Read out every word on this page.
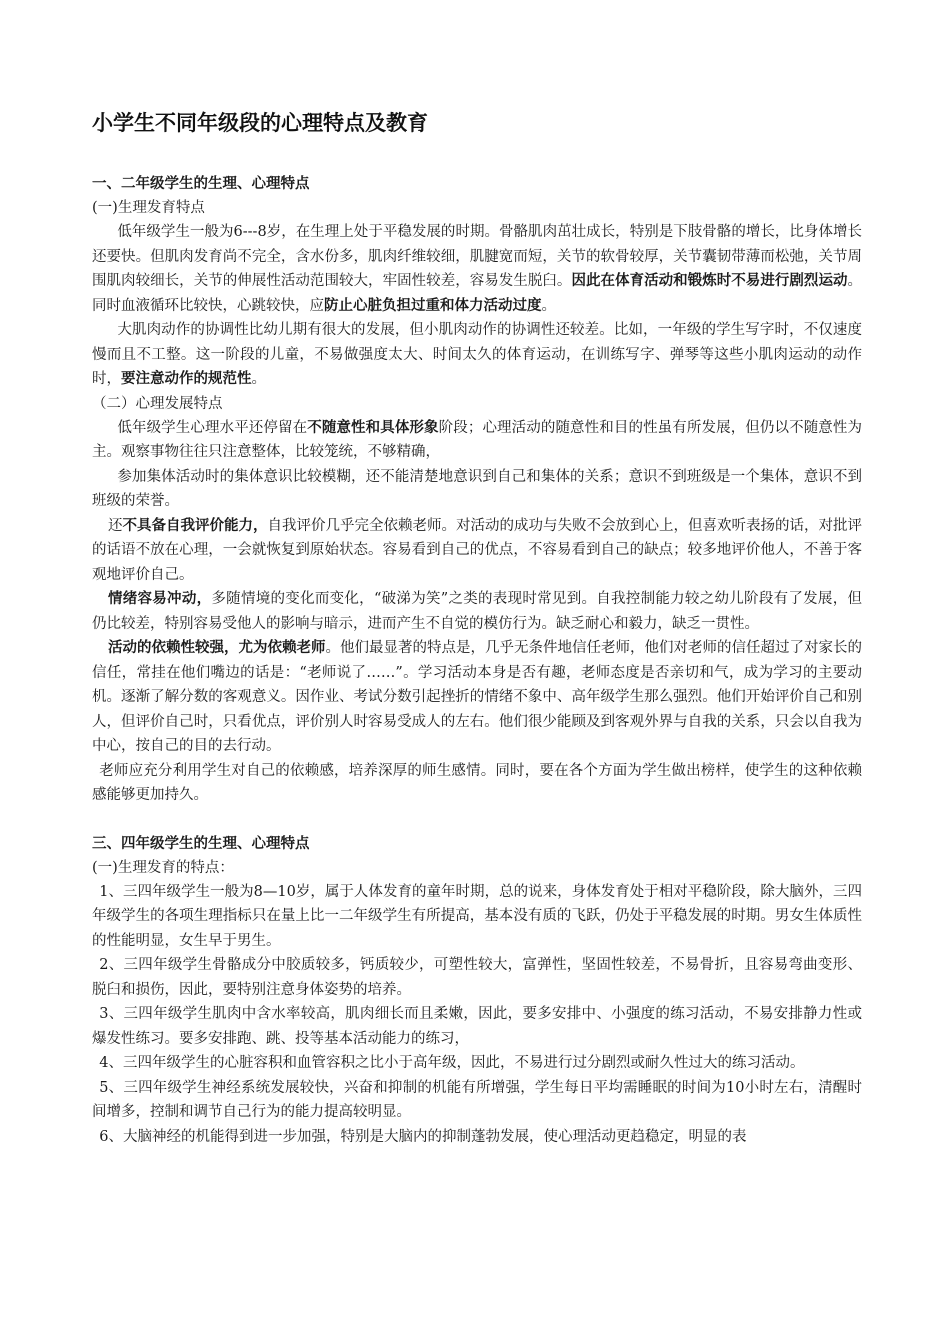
小学生不同年级段的心理特点及教育
一、二年级学生的生理、心理特点
(一)生理发育特点

低年级学生一般为6---8岁，在生理上处于平稳发展的时期。骨骼肌肉茁壮成长，特别是下肢骨骼的增长，比身体增长还要快。但肌肉发育尚不完全，含水份多，肌肉纤维较细，肌腱宽而短，关节的软骨较厚，关节囊韧带薄而松弛，关节周围肌肉较细长，关节的伸展性活动范围较大，牢固性较差，容易发生脱臼。因此在体育活动和锻炼时不易进行剧烈运动。同时血液循环比较快，心跳较快，应防止心脏负担过重和体力活动过度。

大肌肉动作的协调性比幼儿期有很大的发展，但小肌肉动作的协调性还较差。比如，一年级的学生写字时，不仅速度慢而且不工整。这一阶段的儿童，不易做强度太大、时间太久的体育运动，在训练写字、弹琴等这些小肌肉运动的动作时，要注意动作的规范性。

（二）心理发展特点

低年级学生心理水平还停留在不随意性和具体形象阶段；心理活动的随意性和目的性虽有所发展，但仍以不随意性为主。观察事物往往只注意整体，比较笼统，不够精确，

参加集体活动时的集体意识比较模糊，还不能清楚地意识到自己和集体的关系；意识不到班级是一个集体，意识不到班级的荣誉。

还不具备自我评价能力，自我评价几乎完全依赖老师。对活动的成功与失败不会放到心上，但喜欢听表扬的话，对批评的话语不放在心理，一会就恢复到原始状态。容易看到自己的优点，不容易看到自己的缺点；较多地评价他人，不善于客观地评价自己。

情绪容易冲动，多随情境的变化而变化，“破涕为笑”之类的表现时常见到。自我控制能力较之幼儿阶段有了发展，但仍比较差，特别容易受他人的影响与暗示，进而产生不自觉的模仿行为。缺乏耐心和毅力，缺乏一贯性。

活动的依赖性较强，尤为依赖老师。他们最显著的特点是，几乎无条件地信任老师，他们对老师的信任超过了对家长的信任，常挂在他们嘴边的话是：“老师说了……”。学习活动本身是否有趣，老师态度是否亲切和气，成为学习的主要动机。逐渐了解分数的客观意义。因作业、考试分数引起挫折的情绪不象中、高年级学生那么强烈。他们开始评价自己和别人，但评价自己时，只看优点，评价别人时容易受成人的左右。他们很少能顾及到客观外界与自我的关系，只会以自我为中心，按自己的目的去行动。

老师应充分利用学生对自己的依赖感，培养深厚的师生感情。同时，要在各个方面为学生做出榜样，使学生的这种依赖感能够更加持久。

三、四年级学生的生理、心理特点
(一)生理发育的特点：

1、三四年级学生一般为8—10岁，属于人体发育的童年时期，总的说来，身体发育处于相对平稳阶段，除大脑外，三四年级学生的各项生理指标只在量上比一二年级学生有所提高，基本没有质的飞跃，仍处于平稳发展的时期。男女生体质性的性能明显，女生早于男生。

2、三四年级学生骨骼成分中胶质较多，钙质较少，可塑性较大，富弹性，坚固性较差，不易骨折，且容易弯曲变形、脱臼和损伤，因此，要特别注意身体姿势的培养。

3、三四年级学生肌肉中含水率较高，肌肉细长而且柔嫩，因此，要多安排中、小强度的练习活动，不易安排静力性或爆发性练习。要多安排跑、跳、投等基本活动能力的练习，

4、三四年级学生的心脏容积和血管容积之比小于高年级，因此，不易进行过分剧烈或耐久性过大的练习活动。

5、三四年级学生神经系统发展较快，兴奋和抑制的机能有所增强，学生每日平均需睡眠的时间为10小时左右，清醒时间增多，控制和调节自己行为的能力提高较明显。

6、大脑神经的机能得到进一步加强，特别是大脑内的抑制蓬勃发展，使心理活动更趋稳定，明显的表
